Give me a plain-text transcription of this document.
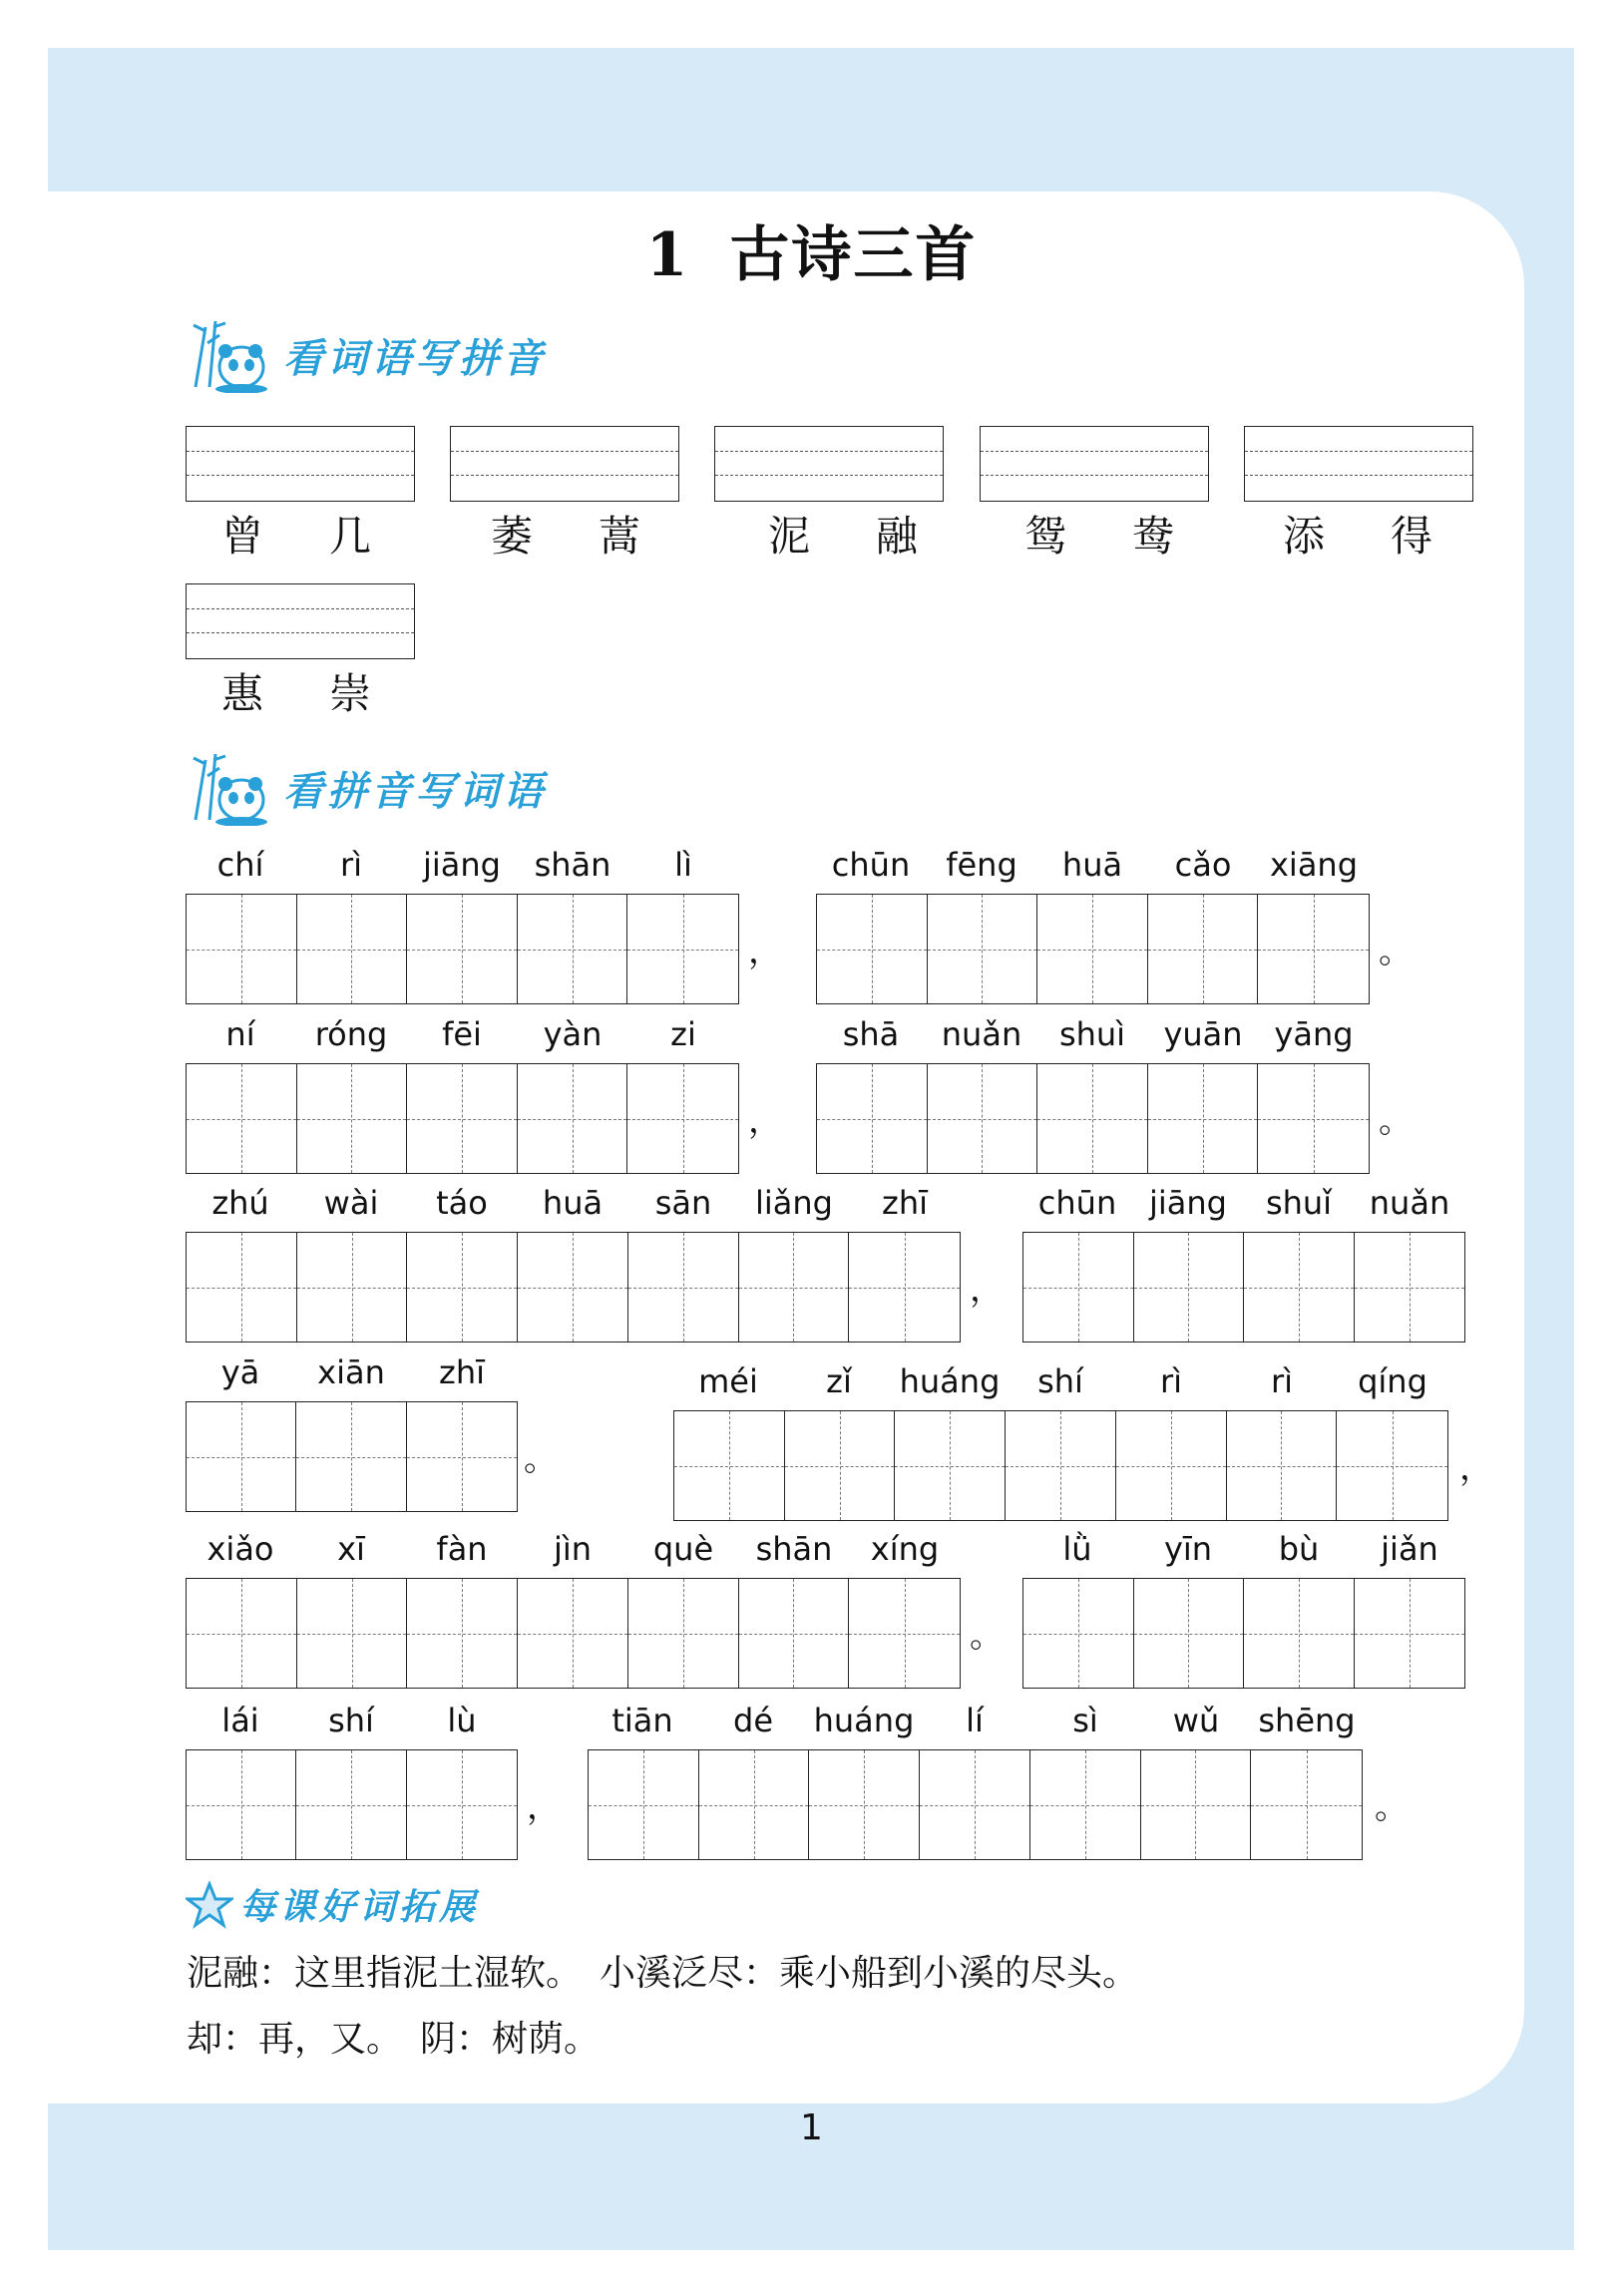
1 古诗三首
看词语写拼音
曾 几	萎 蒿	泥 融	鸳 鸯	添 得
惠 崇
看拼音写词语
chí	rì	jiāng	shān	lì
，
chūn	fēng	huā	cǎo	xiāng
。
ní	róng	fēi	yàn	zi
，
shā	nuǎn	shuì	yuān yāng
。
zhú	wài	táo	huā	sān	liǎng	zhī
，
chūn	jiāng	shuǐ	nuǎn
yā	xiān	zhī
。
méi	zǐ	huáng	shí	rì	rì	qíng
，
xiǎo	xī	fàn	jìn	què	shān	xíng
。
lǜ	yīn	bù	jiǎn
lái	shí	lù
，
tiān	dé	huáng	lí	sì	wǔ	shēng
。
每课好词拓展
泥融：这里指泥土湿软。　小溪泛尽：乘小船到小溪的尽头。
却：再，又。　阴：树荫。
1
